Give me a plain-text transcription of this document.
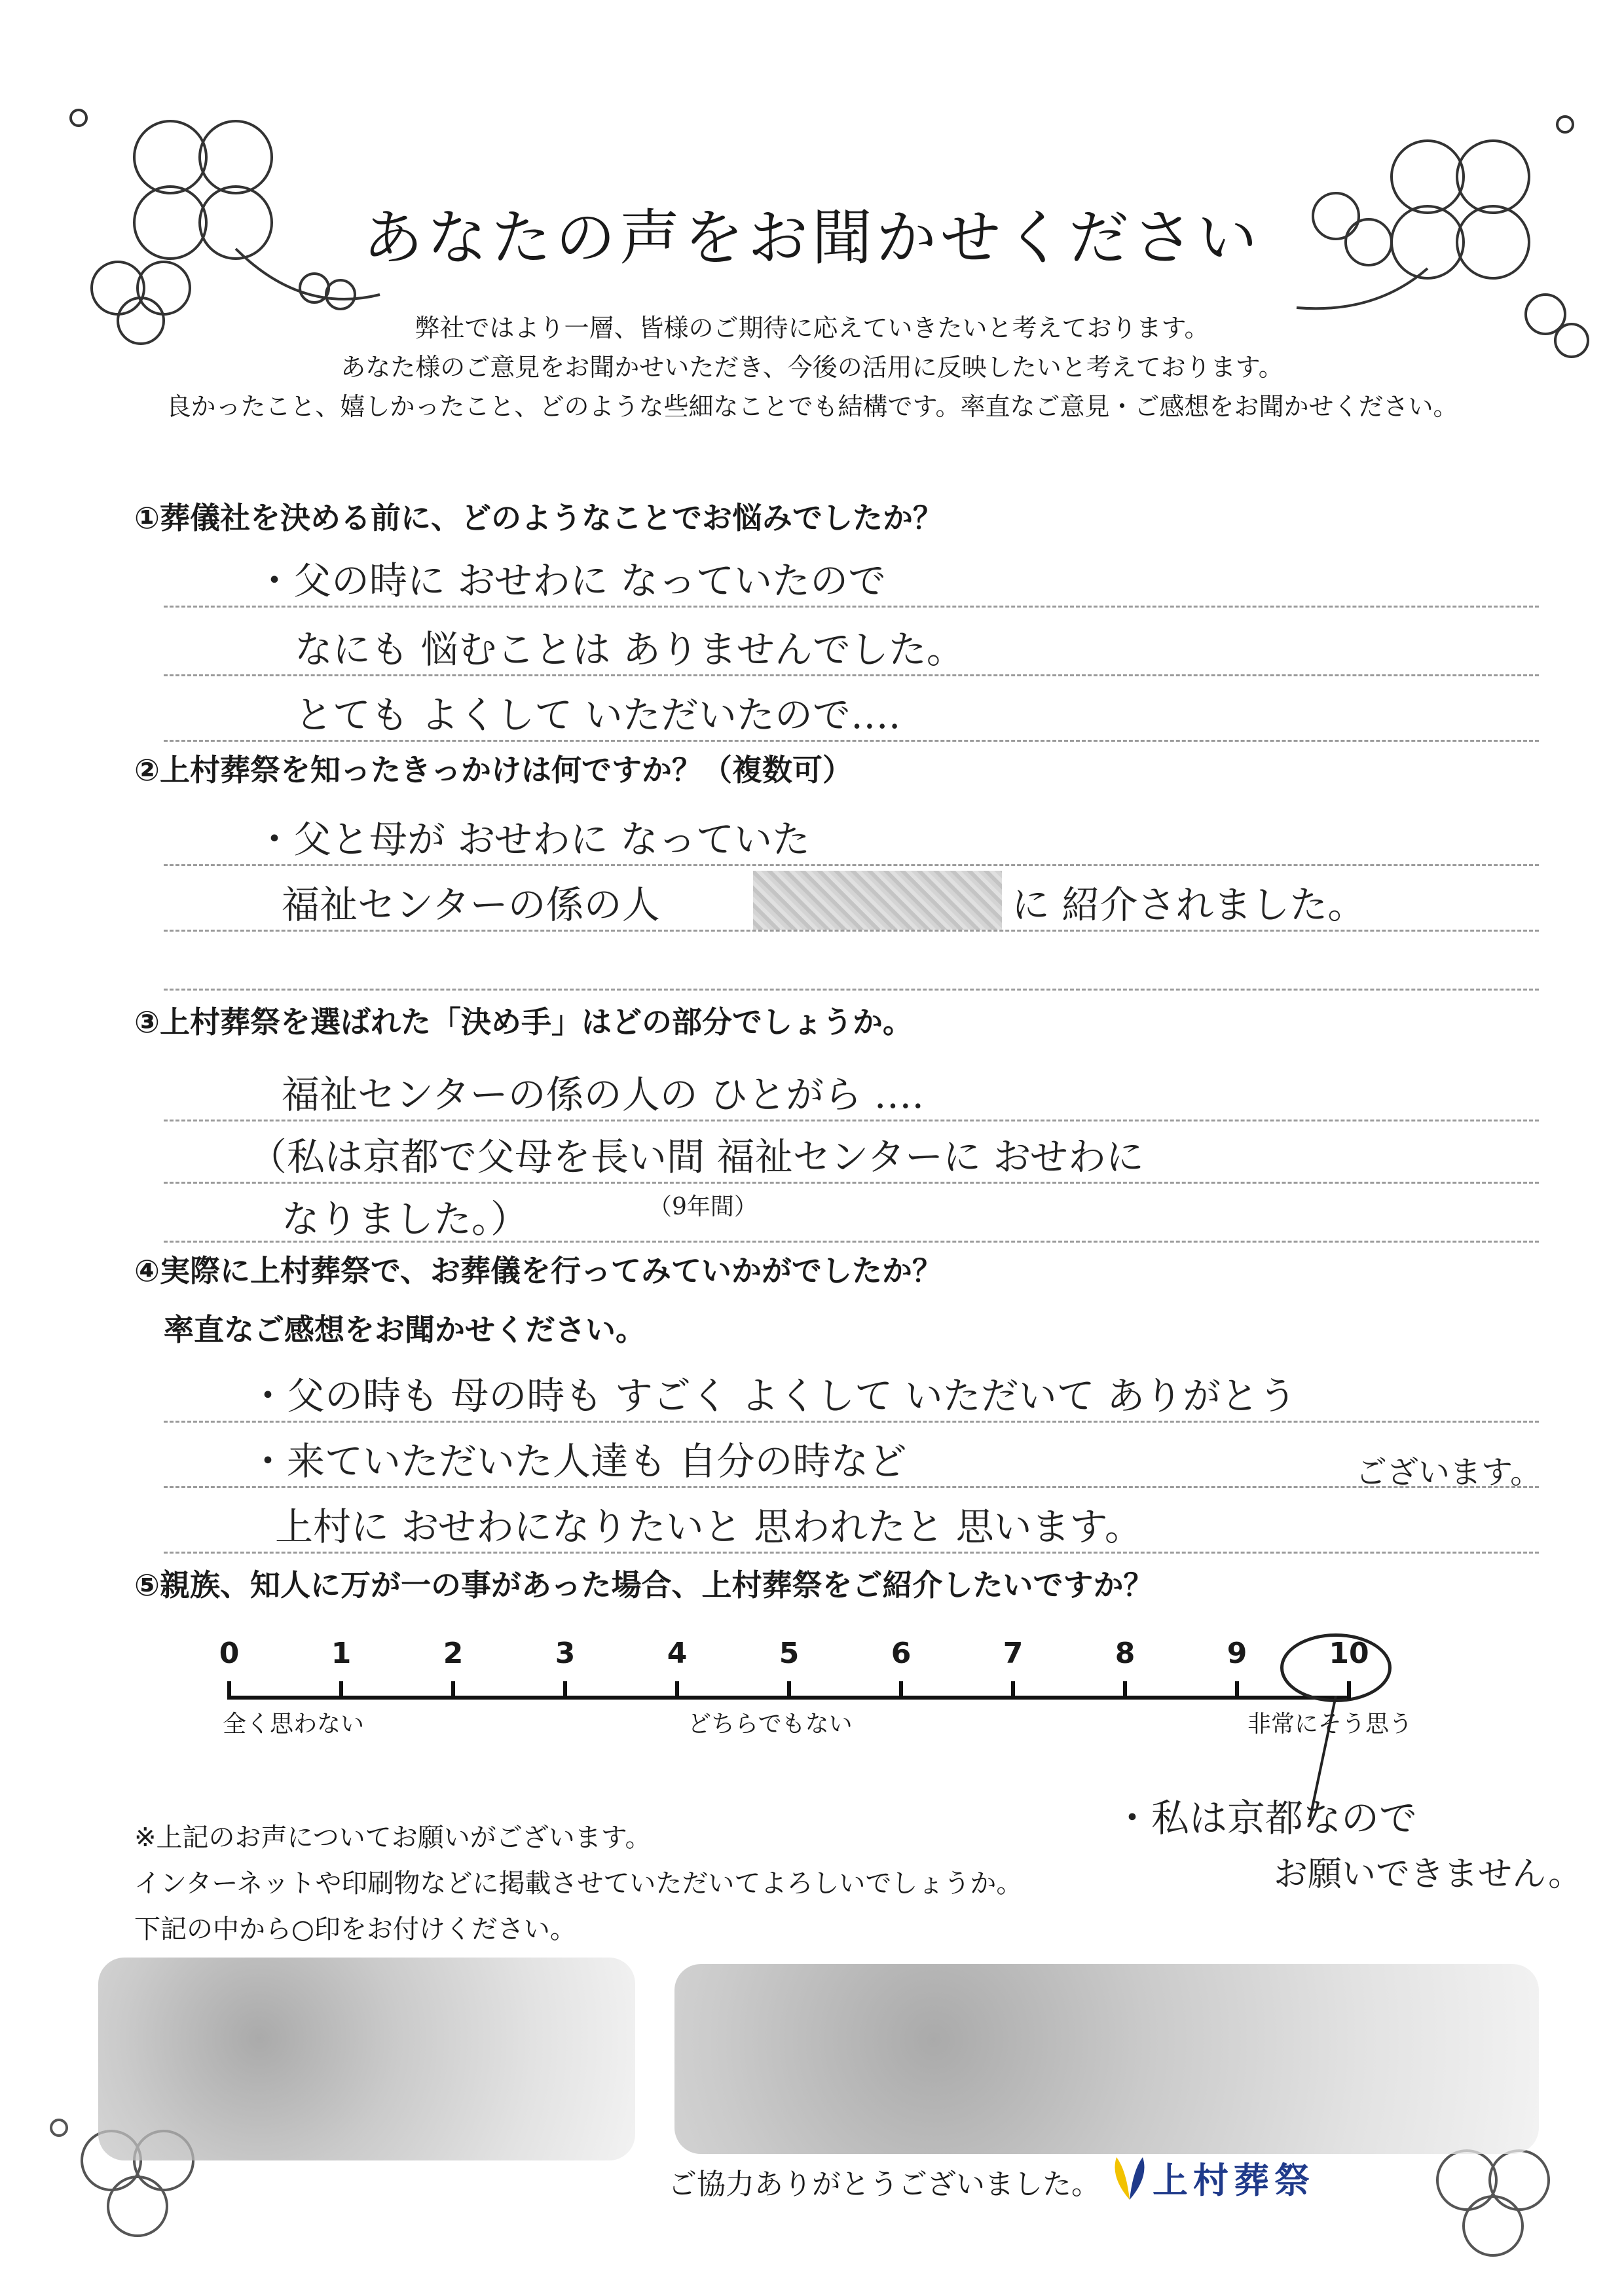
あなたの声をお聞かせください
弊社ではより一層、皆様のご期待に応えていきたいと考えております。
あなた様のご意見をお聞かせいただき、今後の活用に反映したいと考えております。
良かったこと、嬉しかったこと、どのような些細なことでも結構です。率直なご意見・ご感想をお聞かせください。
①葬儀社を決める前に、どのようなことでお悩みでしたか？
・父の時に おせわに なっていたので
なにも 悩むことは ありませんでした。
とても よくして いただいたので….
②上村葬祭を知ったきっかけは何ですか？（複数可）
・父と母が おせわに なっていた
福祉センターの係の人	に 紹介されました。
③上村葬祭を選ばれた「決め手」はどの部分でしょうか。
福祉センターの係の人の ひとがら ….
（私は京都で父母を長い間 福祉センターに おせわに
なりました。）	（9年間）
④実際に上村葬祭で、お葬儀を行ってみていかがでしたか？
率直なご感想をお聞かせください。
・父の時も 母の時も すごく よくして いただいて ありがとう
・来ていただいた人達も 自分の時など	ございます。
上村に おせわになりたいと 思われたと 思います。
⑤親族、知人に万が一の事があった場合、上村葬祭をご紹介したいですか？
0	1	2	3	4	5	6	7	8	9	10
全く思わない	どちらでもない	非常にそう思う
・私は京都なので
お願いできません。
※上記のお声についてお願いがございます。
インターネットや印刷物などに掲載させていただいてよろしいでしょうか。
下記の中から○印をお付けください。
ご協力ありがとうございました。 上村葬祭
